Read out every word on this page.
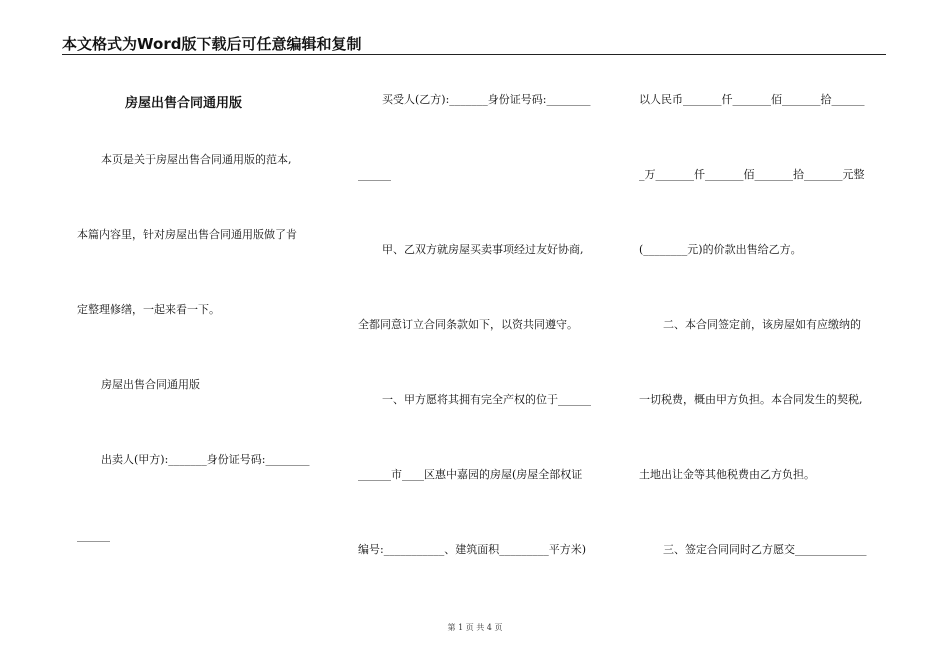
本文格式为Word版下载后可任意编辑和复制
房屋出售合同通用版
本页是关于房屋出售合同通用版的范本,
本篇内容里，针对房屋出售合同通用版做了肯
定整理修缮，一起来看一下。
房屋出售合同通用版
出卖人(甲方):_______身份证号码:________
______
买受人(乙方):_______身份证号码:________
______
甲、乙双方就房屋买卖事项经过友好协商,
全都同意订立合同条款如下，以资共同遵守。
一、甲方愿将其拥有完全产权的位于______
______市____区惠中嘉园的房屋(房屋全部权证
编号:___________、建筑面积_________平方米)
以人民币_______仟_______佰_______拾______
_万_______仟_______佰_______拾_______元整
(________元)的价款出售给乙方。
二、本合同签定前，该房屋如有应缴纳的
一切税费，概由甲方负担。本合同发生的契税,
土地出让金等其他税费由乙方负担。
三、签定合同同时乙方愿交_____________
第 1 页 共 4 页
